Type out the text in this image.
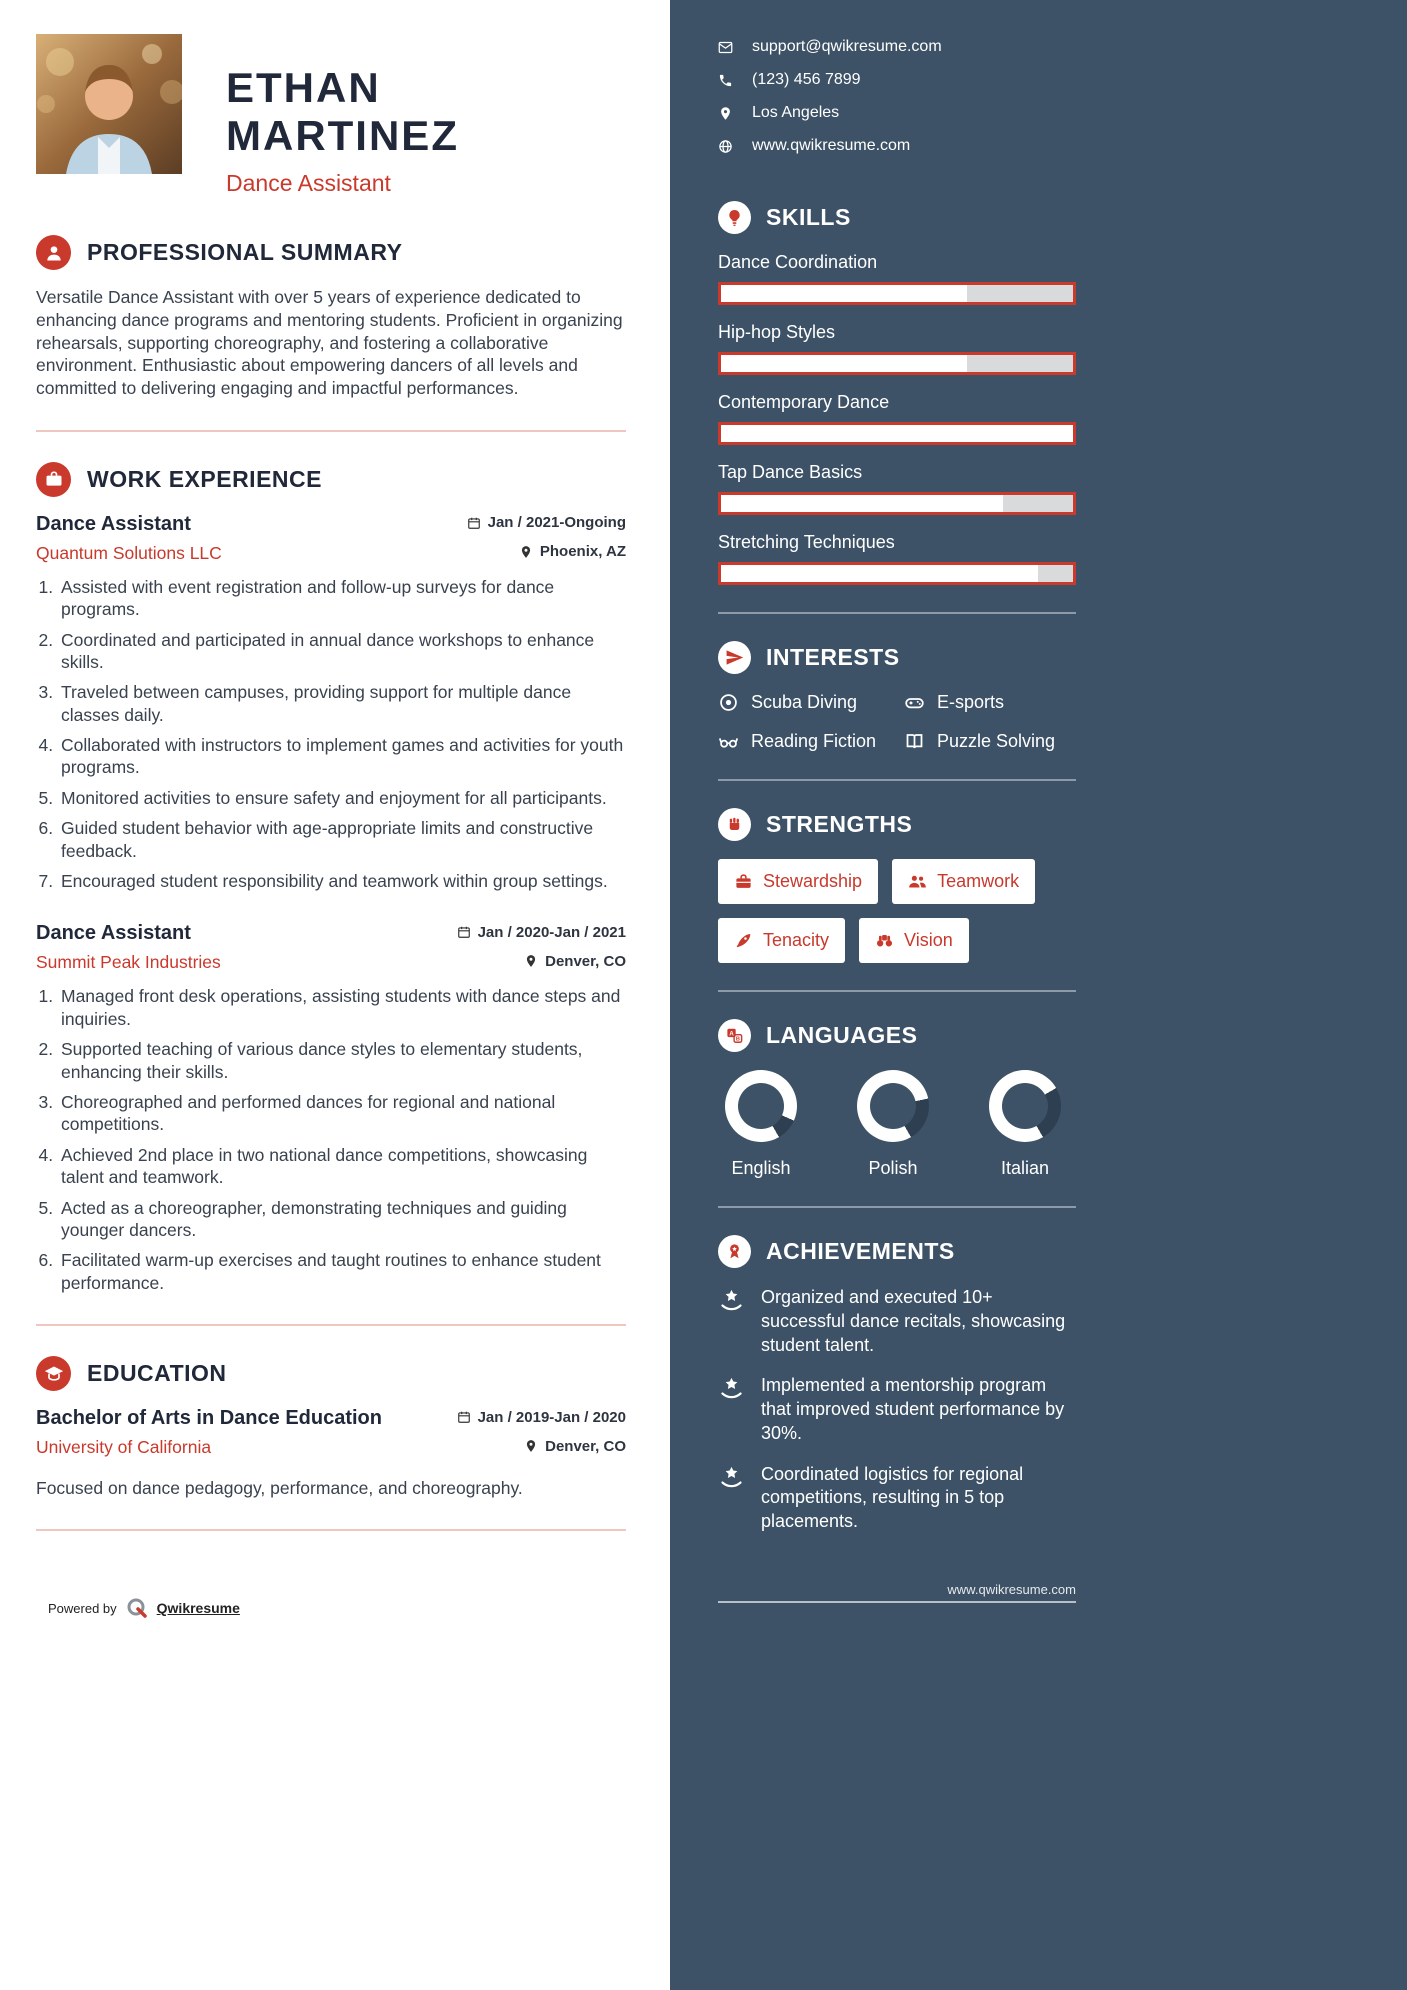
ETHAN MARTINEZ
Dance Assistant
PROFESSIONAL SUMMARY

Versatile Dance Assistant with over 5 years of experience dedicated to enhancing dance programs and mentoring students. Proficient in organizing rehearsals, supporting choreography, and fostering a collaborative environment. Enthusiastic about empowering dancers of all levels and committed to delivering engaging and impactful performances.

WORK EXPERIENCE
Dance Assistant	Jan / 2021-Ongoing
Quantum Solutions LLC	Phoenix, AZ
1. Assisted with event registration and follow-up surveys for dance programs.
2. Coordinated and participated in annual dance workshops to enhance skills.
3. Traveled between campuses, providing support for multiple dance classes daily.
4. Collaborated with instructors to implement games and activities for youth programs.
5. Monitored activities to ensure safety and enjoyment for all participants.
6. Guided student behavior with age-appropriate limits and constructive feedback.
7. Encouraged student responsibility and teamwork within group settings.
Dance Assistant	Jan / 2020-Jan / 2021
Summit Peak Industries	Denver, CO
1. Managed front desk operations, assisting students with dance steps and inquiries.
2. Supported teaching of various dance styles to elementary students, enhancing their skills.
3. Choreographed and performed dances for regional and national competitions.
4. Achieved 2nd place in two national dance competitions, showcasing talent and teamwork.
5. Acted as a choreographer, demonstrating techniques and guiding younger dancers.
6. Facilitated warm-up exercises and taught routines to enhance student performance.
EDUCATION
Bachelor of Arts in Dance Education	Jan / 2019-Jan / 2020
University of California	Denver, CO

Focused on dance pedagogy, performance, and choreography.

Powered by	Qwikresume
support@qwikresume.com
(123) 456 7899
Los Angeles
www.qwikresume.com
SKILLS
Dance Coordination
Hip-hop Styles
Contemporary Dance
Tap Dance Basics
Stretching Techniques
INTERESTS
Scuba Diving	E-sports
Reading Fiction	Puzzle Solving
STRENGTHS
Stewardship	Teamwork
Tenacity	Vision
A
B LANGUAGES
English	Polish	Italian
ACHIEVEMENTS
Organized and executed 10+ successful dance recitals, showcasing student talent.
Implemented a mentorship program that improved student performance by 30%.
Coordinated logistics for regional competitions, resulting in 5 top placements.
www.qwikresume.com
